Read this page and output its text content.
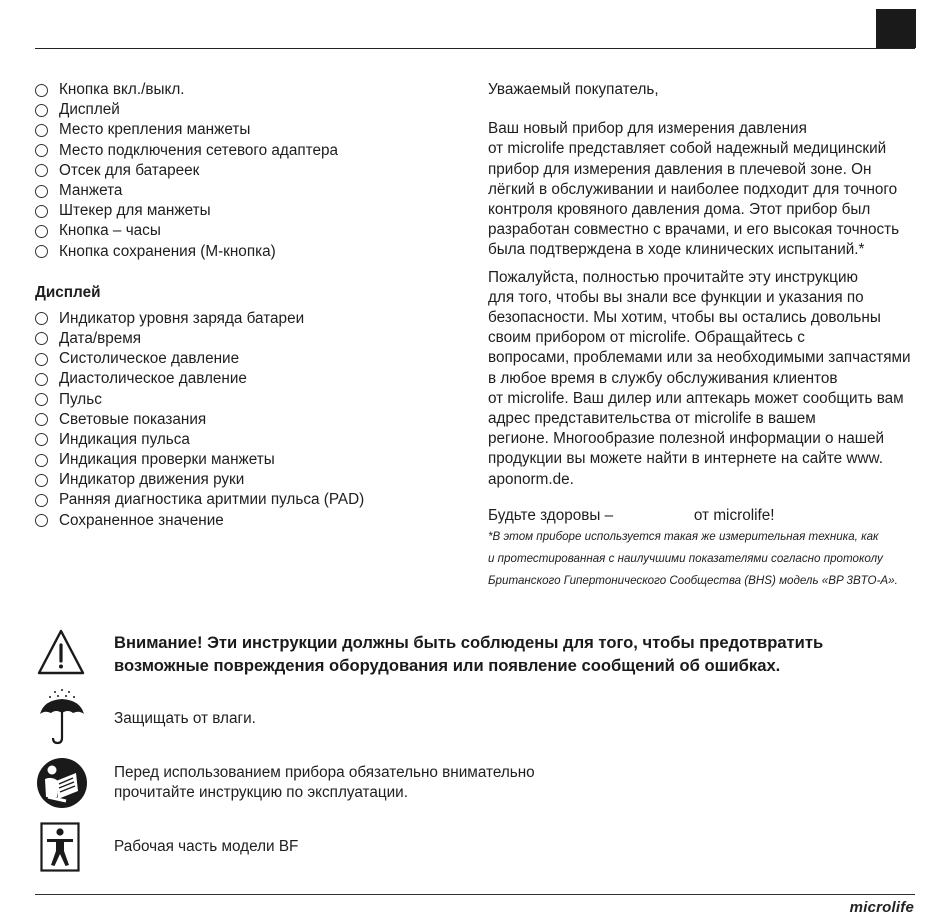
Кнопка вкл./выкл.
Дисплей
Место крепления манжеты
Место подключения сетевого адаптера
Отсек для батареек
Манжета
Штекер для манжеты
Кнопка – часы
Кнопка сохранения (M-кнопка)
Дисплей
Индикатор уровня заряда батареи
Дата/время
Систолическое давление
Диастолическое давление
Пульс
Световые показания
Индикация пульса
Индикация проверки манжеты
Индикатор движения руки
Ранняя диагностика аритмии пульса (PAD)
Сохраненное значение

Уважаемый покупатель,

Ваш новый прибор для измерения давления
от microlife представляет собой надежный медицинский
прибор для измерения давления в плечевой зоне. Он
лёгкий в обслуживании и наиболее подходит для точного
контроля кровяного давления дома. Этот прибор был
разработан совместно с врачами, и его высокая точность
была подтверждена в ходе клинических испытаний.*

Пожалуйста, полностью прочитайте эту инструкцию
для того, чтобы вы знали все функции и указания по
безопасности. Мы хотим, чтобы вы остались довольны
своим прибором от microlife. Обращайтесь с
вопросами, проблемами или за необходимыми запчастями
в любое время в службу обслуживания клиентов
от microlife. Ваш дилер или аптекарь может сообщить вам
адрес представительства от microlife в вашем
регионе. Многообразие полезной информации о нашей
продукции вы можете найти в интернете на сайте www.
aponorm.de.

Будьте здоровы –                   от microlife!

*В этом приборе используется такая же измерительная техника, как
и протестированная с наилучшими показателями согласно протоколу
Британского Гипертонического Сообщества (BHS) модель «BP 3BTO-A».

Внимание! Эти инструкции должны быть соблюдены для того, чтобы предотвратить
возможные повреждения оборудования или появление сообщений об ошибках.
Защищать от влаги.
Перед использованием прибора обязательно внимательно
прочитайте инструкцию по эксплуатации.
Рабочая часть модели BF
microlife
